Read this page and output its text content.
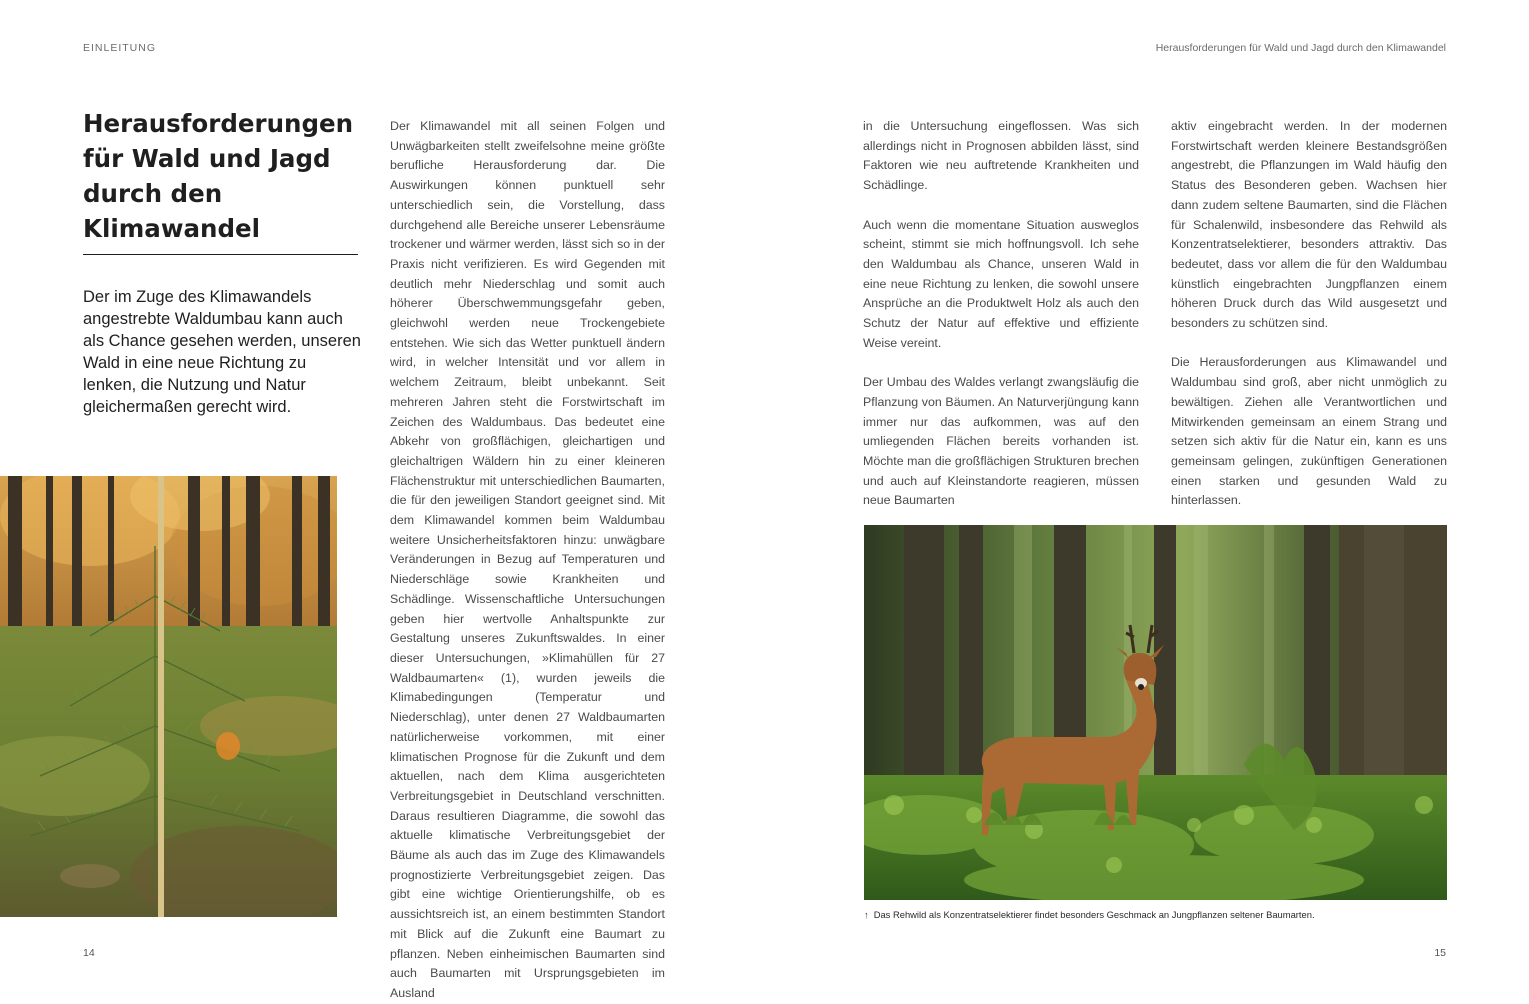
EINLEITUNG	Herausforderungen für Wald und Jagd durch den Klimawandel
Herausforderungen für Wald und Jagd durch den Klimawandel

Der im Zuge des Klimawandels angestrebte Waldumbau kann auch als Chance gesehen werden, unseren Wald in eine neue Richtung zu lenken, die Nutzung und Natur gleichermaßen gerecht wird.

Der Klimawandel mit all seinen Folgen und Unwägbarkeiten stellt zweifelsohne meine größte berufliche Herausforderung dar. Die Auswirkungen können punktuell sehr unterschiedlich sein, die Vorstellung, dass durchgehend alle Bereiche unserer Lebensräume trockener und wärmer werden, lässt sich so in der Praxis nicht verifizieren. Es wird Gegenden mit deutlich mehr Niederschlag und somit auch höherer Überschwemmungsgefahr geben, gleichwohl werden neue Trockengebiete entstehen. Wie sich das Wetter punktuell ändern wird, in welcher Intensität und vor allem in welchem Zeitraum, bleibt unbekannt. Seit mehreren Jahren steht die Forstwirtschaft im Zeichen des Waldumbaus. Das bedeutet eine Abkehr von großflächigen, gleichartigen und gleichaltrigen Wäldern hin zu einer kleineren Flächenstruktur mit unterschiedlichen Baumarten, die für den jeweiligen Standort geeignet sind. Mit dem Klimawandel kommen beim Waldumbau weitere Unsicherheitsfaktoren hinzu: unwägbare Veränderungen in Bezug auf Temperaturen und Niederschläge sowie Krankheiten und Schädlinge. Wissenschaftliche Untersuchungen geben hier wertvolle Anhaltspunkte zur Gestaltung unseres Zukunftswaldes. In einer dieser Untersuchungen, »Klimahüllen für 27 Waldbaumarten« (1), wurden jeweils die Klimabedingungen (Temperatur und Niederschlag), unter denen 27 Waldbaumarten natürlicherweise vorkommen, mit einer klimatischen Prognose für die Zukunft und dem aktuellen, nach dem Klima ausgerichteten Verbreitungsgebiet in Deutschland verschnitten. Daraus resultieren Diagramme, die sowohl das aktuelle klimatische Verbreitungsgebiet der Bäume als auch das im Zuge des Klimawandels prognostizierte Verbreitungsgebiet zeigen. Das gibt eine wichtige Orientierungshilfe, ob es aussichtsreich ist, an einem bestimmten Standort mit Blick auf die Zukunft eine Baumart zu pflanzen. Neben einheimischen Baumarten sind auch Baumarten mit Ursprungsgebieten im Ausland

in die Untersuchung eingeflossen. Was sich allerdings nicht in Prognosen abbilden lässt, sind Faktoren wie neu auftretende Krankheiten und Schädlinge.

Auch wenn die momentane Situation ausweglos scheint, stimmt sie mich hoffnungsvoll. Ich sehe den Waldumbau als Chance, unseren Wald in eine neue Richtung zu lenken, die sowohl unsere Ansprüche an die Produktwelt Holz als auch den Schutz der Natur auf effektive und effiziente Weise vereint.

Der Umbau des Waldes verlangt zwangsläufig die Pflanzung von Bäumen. An Naturverjüngung kann immer nur das aufkommen, was auf den umliegenden Flächen bereits vorhanden ist. Möchte man die großflächigen Strukturen brechen und auch auf Kleinstandorte reagieren, müssen neue Baumarten

aktiv eingebracht werden. In der modernen Forstwirtschaft werden kleinere Bestandsgrößen angestrebt, die Pflanzungen im Wald häufig den Status des Besonderen geben. Wachsen hier dann zudem seltene Baumarten, sind die Flächen für Schalenwild, insbesondere das Rehwild als Konzentratselektierer, besonders attraktiv. Das bedeutet, dass vor allem die für den Waldumbau künstlich eingebrachten Jungpflanzen einem höheren Druck durch das Wild ausgesetzt und besonders zu schützen sind.

Die Herausforderungen aus Klimawandel und Waldumbau sind groß, aber nicht unmöglich zu bewältigen. Ziehen alle Verantwortlichen und Mitwirkenden gemeinsam an einem Strang und setzen sich aktiv für die Natur ein, kann es uns gemeinsam gelingen, zukünftigen Generationen einen starken und gesunden Wald zu hinterlassen.

↑ Das Rehwild als Konzentratselektierer findet besonders Geschmack an Jungpflanzen seltener Baumarten.
14	15
